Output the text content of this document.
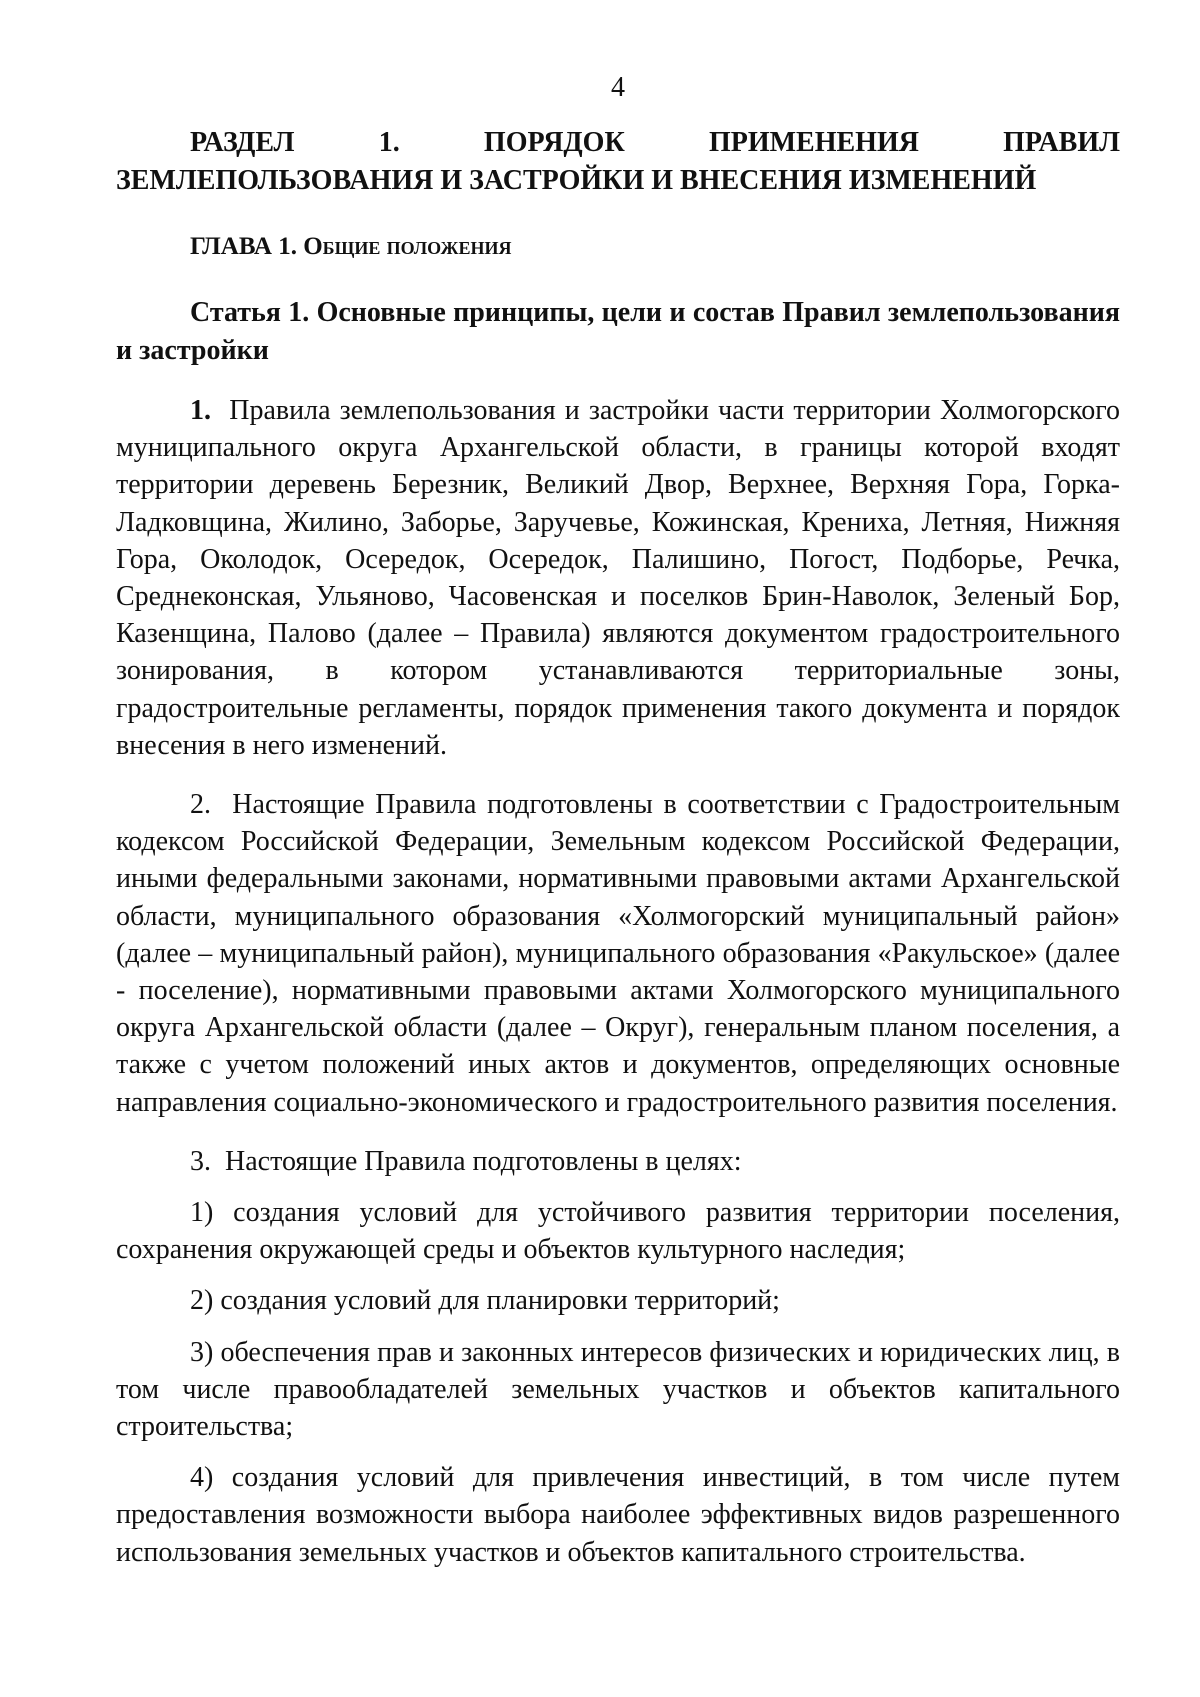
4
РАЗДЕЛ 1. ПОРЯДОК ПРИМЕНЕНИЯ ПРАВИЛ
ЗЕМЛЕПОЛЬЗОВАНИЯ И ЗАСТРОЙКИ И ВНЕСЕНИЯ ИЗМЕНЕНИЙ
ГЛАВА 1. Общие положения
Статья 1. Основные принципы, цели и состав Правил землепользования и застройки

1. Правила землепользования и застройки части территории Холмогорского муниципального округа Архангельской области, в границы которой входят территории деревень Березник, Великий Двор, Верхнее, Верхняя Гора, Горка-Ладковщина, Жилино, Заборье, Заручевье, Кожинская, Крениха, Летняя, Нижняя Гора, Околодок, Осередок, Осередок, Палишино, Погост, Подборье, Речка, Среднеконская, Ульяново, Часовенская и поселков Брин-Наволок, Зеленый Бор, Казенщина, Палово (далее – Правила) являются документом градостроительного зонирования, в котором устанавливаются территориальные зоны, градостроительные регламенты, порядок применения такого документа и порядок внесения в него изменений.

2. Настоящие Правила подготовлены в соответствии с Градостроительным кодексом Российской Федерации, Земельным кодексом Российской Федерации, иными федеральными законами, нормативными правовыми актами Архангельской области, муниципального образования «Холмогорский муниципальный район» (далее – муниципальный район), муниципального образования «Ракульское» (далее - поселение), нормативными правовыми актами Холмогорского муниципального округа Архангельской области (далее – Округ), генеральным планом поселения, а также с учетом положений иных актов и документов, определяющих основные направления социально-экономического и градостроительного развития поселения.

3. Настоящие Правила подготовлены в целях:

1) создания условий для устойчивого развития территории поселения, сохранения окружающей среды и объектов культурного наследия;

2) создания условий для планировки территорий;

3) обеспечения прав и законных интересов физических и юридических лиц, в том числе правообладателей земельных участков и объектов капитального строительства;

4) создания условий для привлечения инвестиций, в том числе путем предоставления возможности выбора наиболее эффективных видов разрешенного использования земельных участков и объектов капитального строительства.
